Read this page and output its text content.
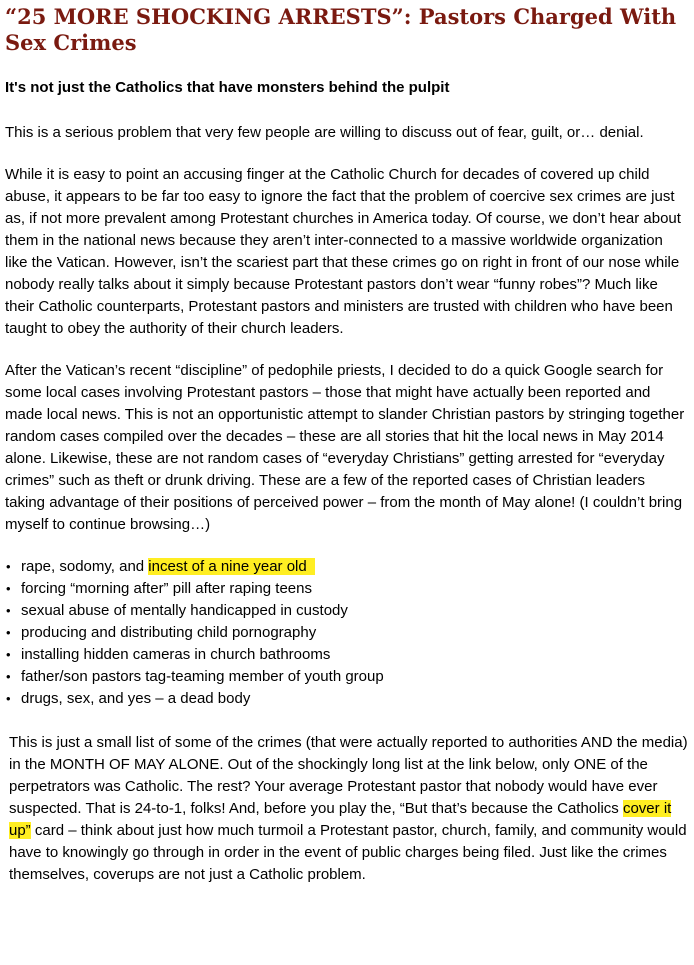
“25 MORE SHOCKING ARRESTS”: Pastors Charged With Sex Crimes
It's not just the Catholics that have monsters behind the pulpit

This is a serious problem that very few people are willing to discuss out of fear, guilt, or… denial.

While it is easy to point an accusing finger at the Catholic Church for decades of covered up child abuse, it appears to be far too easy to ignore the fact that the problem of coercive sex crimes are just as, if not more prevalent among Protestant churches in America today. Of course, we don’t hear about them in the national news because they aren’t inter-connected to a massive worldwide organization like the Vatican. However, isn’t the scariest part that these crimes go on right in front of our nose while nobody really talks about it simply because Protestant pastors don’t wear “funny robes”? Much like their Catholic counterparts, Protestant pastors and ministers are trusted with children who have been taught to obey the authority of their church leaders.

After the Vatican’s recent “discipline” of pedophile priests, I decided to do a quick Google search for some local cases involving Protestant pastors – those that might have actually been reported and made local news. This is not an opportunistic attempt to slander Christian pastors by stringing together random cases compiled over the decades – these are all stories that hit the local news in May 2014 alone. Likewise, these are not random cases of “everyday Christians” getting arrested for “everyday crimes” such as theft or drunk driving. These are a few of the reported cases of Christian leaders taking advantage of their positions of perceived power – from the month of May alone! (I couldn’t bring myself to continue browsing…)

• rape, sodomy, and incest of a nine year old
• forcing “morning after” pill after raping teens
• sexual abuse of mentally handicapped in custody
• producing and distributing child pornography
• installing hidden cameras in church bathrooms
• father/son pastors tag-teaming member of youth group
• drugs, sex, and yes – a dead body

This is just a small list of some of the crimes (that were actually reported to authorities AND the media) in the MONTH OF MAY ALONE. Out of the shockingly long list at the link below, only ONE of the perpetrators was Catholic. The rest? Your average Protestant pastor that nobody would have ever suspected. That is 24-to-1, folks! And, before you play the, “But that’s because the Catholics cover it up” card – think about just how much turmoil a Protestant pastor, church, family, and community would have to knowingly go through in order in the event of public charges being filed. Just like the crimes themselves, coverups are not just a Catholic problem.
